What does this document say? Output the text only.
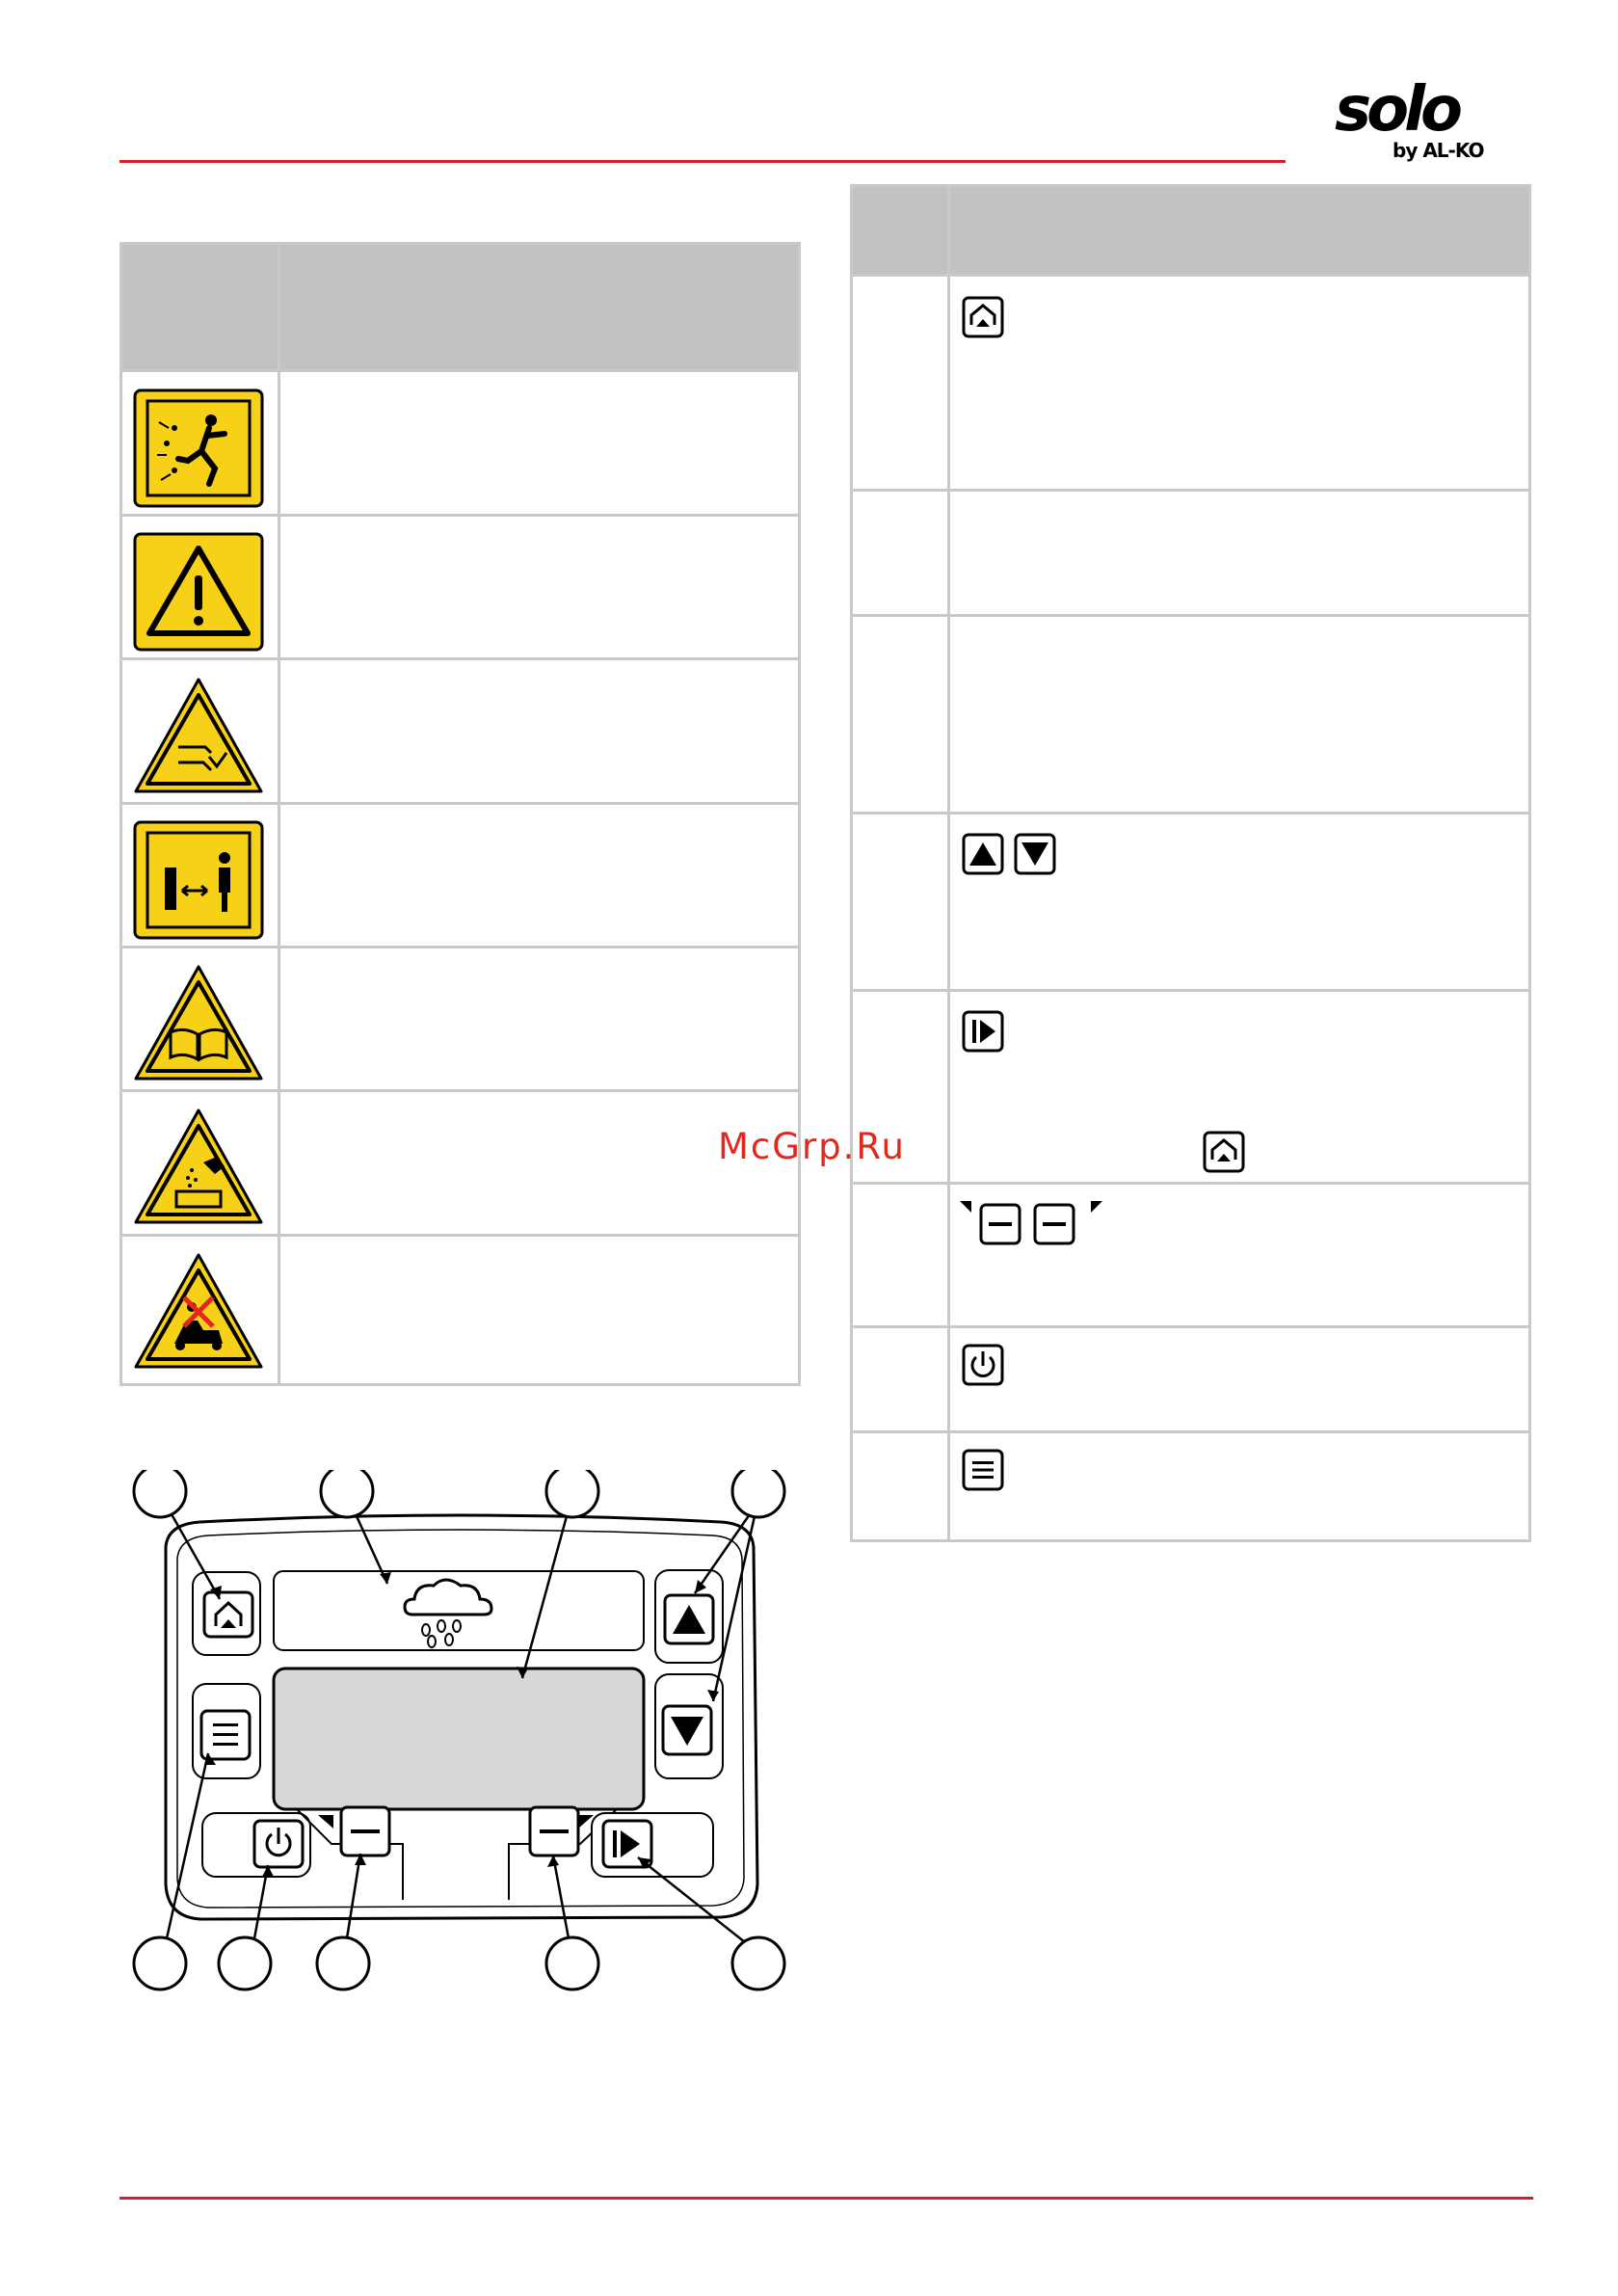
solo
by AL-KO
McGrp.Ru
